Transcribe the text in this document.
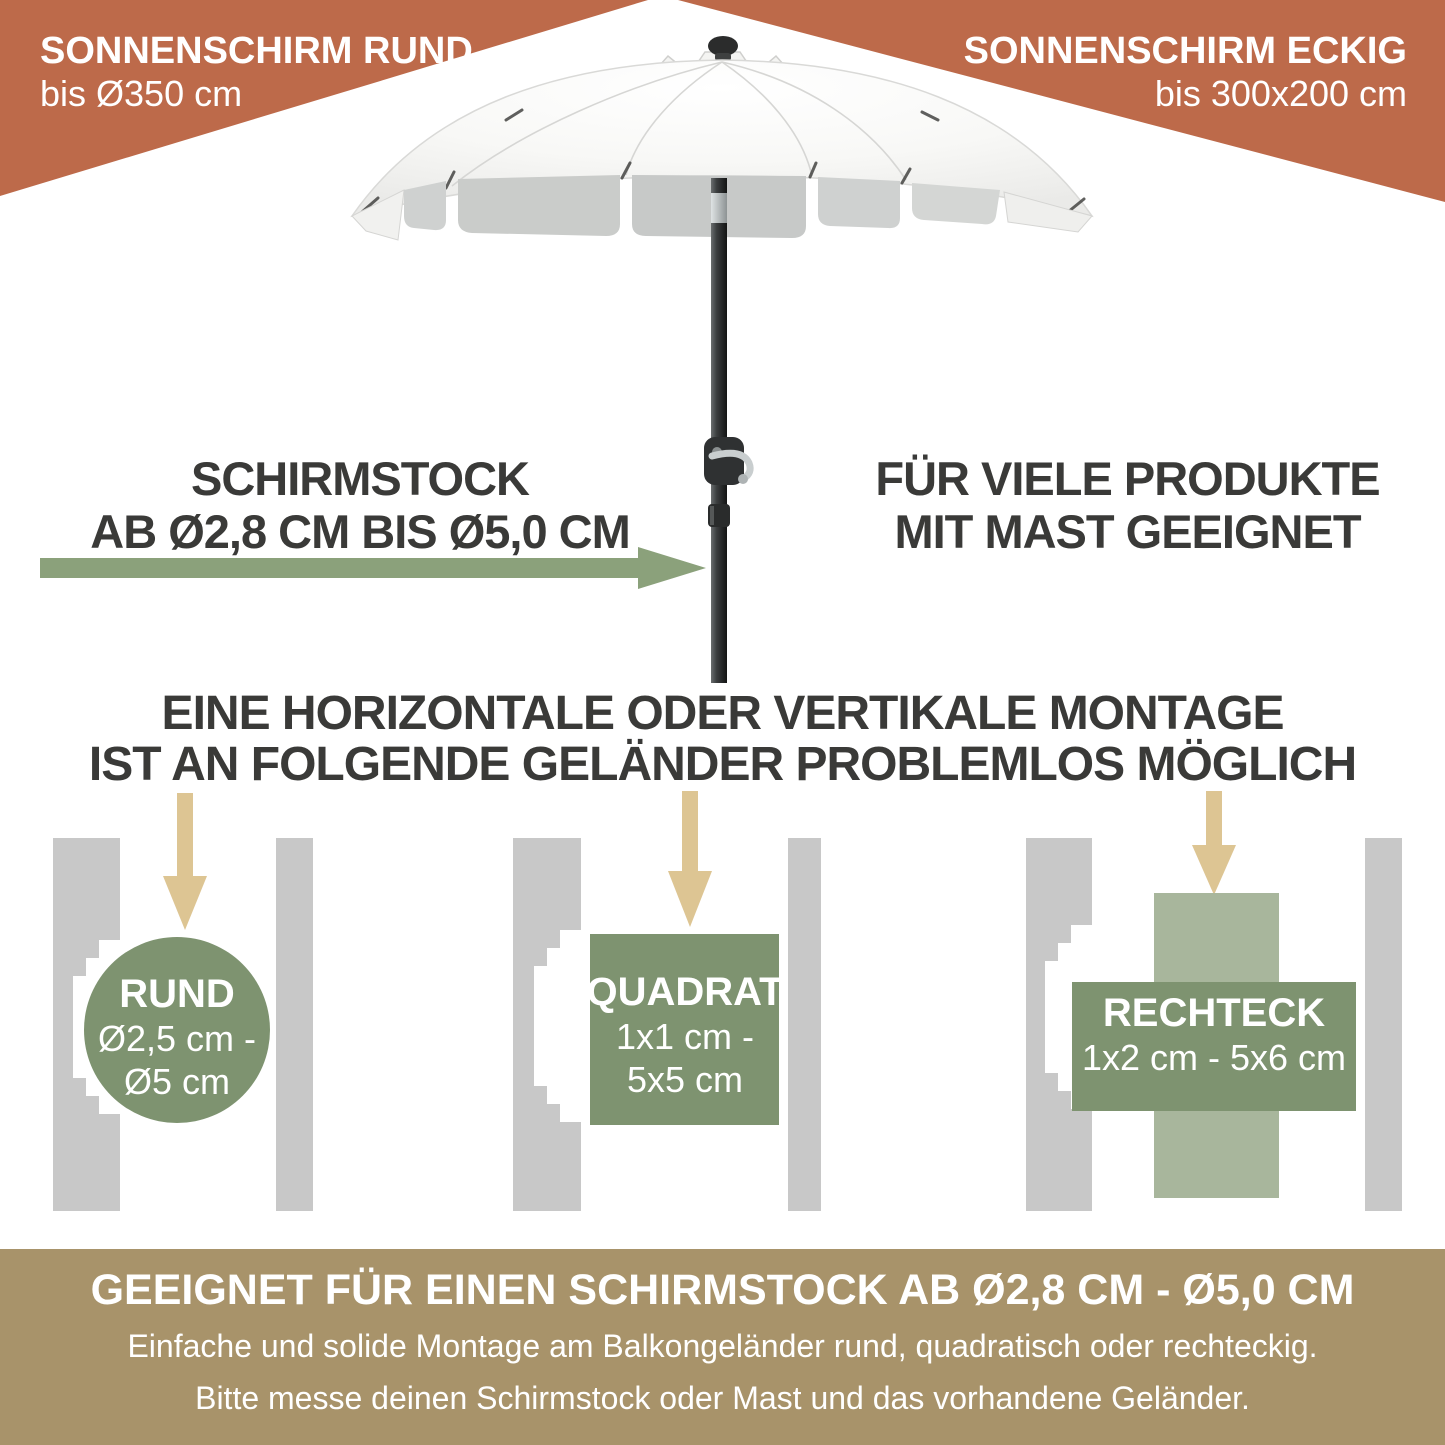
SONNENSCHIRM RUND

bis Ø350 cm

SONNENSCHIRM ECKIG

bis 300x200 cm

SCHIRMSTOCK

AB Ø2,8 CM BIS Ø5,0 CM

FÜR VIELE PRODUKTE

MIT MAST GEEIGNET

EINE HORIZONTALE ODER VERTIKALE MONTAGE

IST AN FOLGENDE GELÄNDER PROBLEMLOS MÖGLICH

RUND

Ø2,5 cm -

Ø5 cm

QUADRAT

1x1 cm -

5x5 cm

RECHTECK

1x2 cm - 5x6 cm

GEEIGNET FÜR EINEN SCHIRMSTOCK AB Ø2,8 CM - Ø5,0 CM

Einfache und solide Montage am Balkongeländer rund, quadratisch oder rechteckig.

Bitte messe deinen Schirmstock oder Mast und das vorhandene Geländer.
